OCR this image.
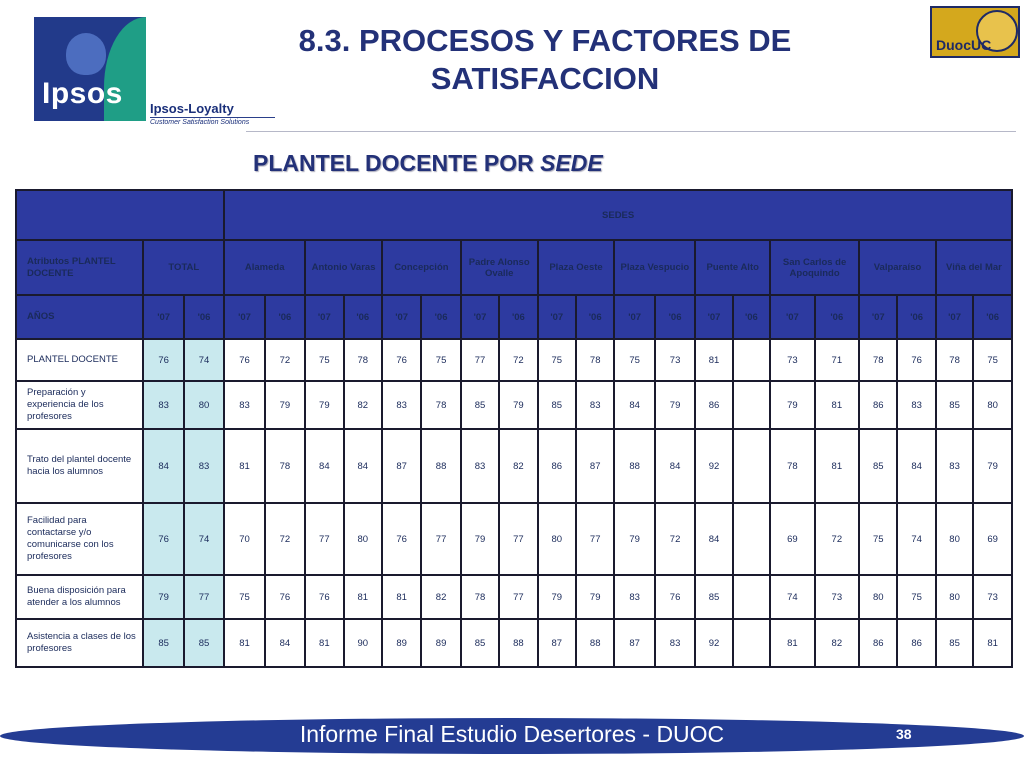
Ipsos Ipsos-Loyalty
Customer Satisfaction Solutions
8.3. PROCESOS Y FACTORES DE
SATISFACCION
DuocUC
PLANTEL DOCENTE POR SEDE
			SEDES																			
Atributos PLANTEL DOCENTE	TOTAL		Alameda		Antonio Varas		Concepción		Padre Alonso Ovalle		Plaza Oeste		Plaza Vespucio		Puente Alto		San Carlos de Apoquindo		Valparaíso		Viña del Mar	
AÑOS	'07	'06	'07	'06	'07	'06	'07	'06	'07	'06	'07	'06	'07	'06	'07	'06	'07	'06	'07	'06	'07	'06
PLANTEL DOCENTE	76	74	76	72	75	78	76	75	77	72	75	78	75	73	81		73	71	78	76	78	75
Preparación y experiencia de los profesores	83	80	83	79	79	82	83	78	85	79	85	83	84	79	86		79	81	86	83	85	80
Trato del plantel docente hacia los alumnos	84	83	81	78	84	84	87	88	83	82	86	87	88	84	92		78	81	85	84	83	79
Facilidad para contactarse y/o comunicarse con los profesores	76	74	70	72	77	80	76	77	79	77	80	77	79	72	84		69	72	75	74	80	69
Buena disposición para atender a los alumnos	79	77	75	76	76	81	81	82	78	77	79	79	83	76	85		74	73	80	75	80	73
Asistencia a clases de los profesores	85	85	81	84	81	90	89	89	85	88	87	88	87	83	92		81	82	86	86	85	81
Informe Final Estudio Desertores - DUOC	38
